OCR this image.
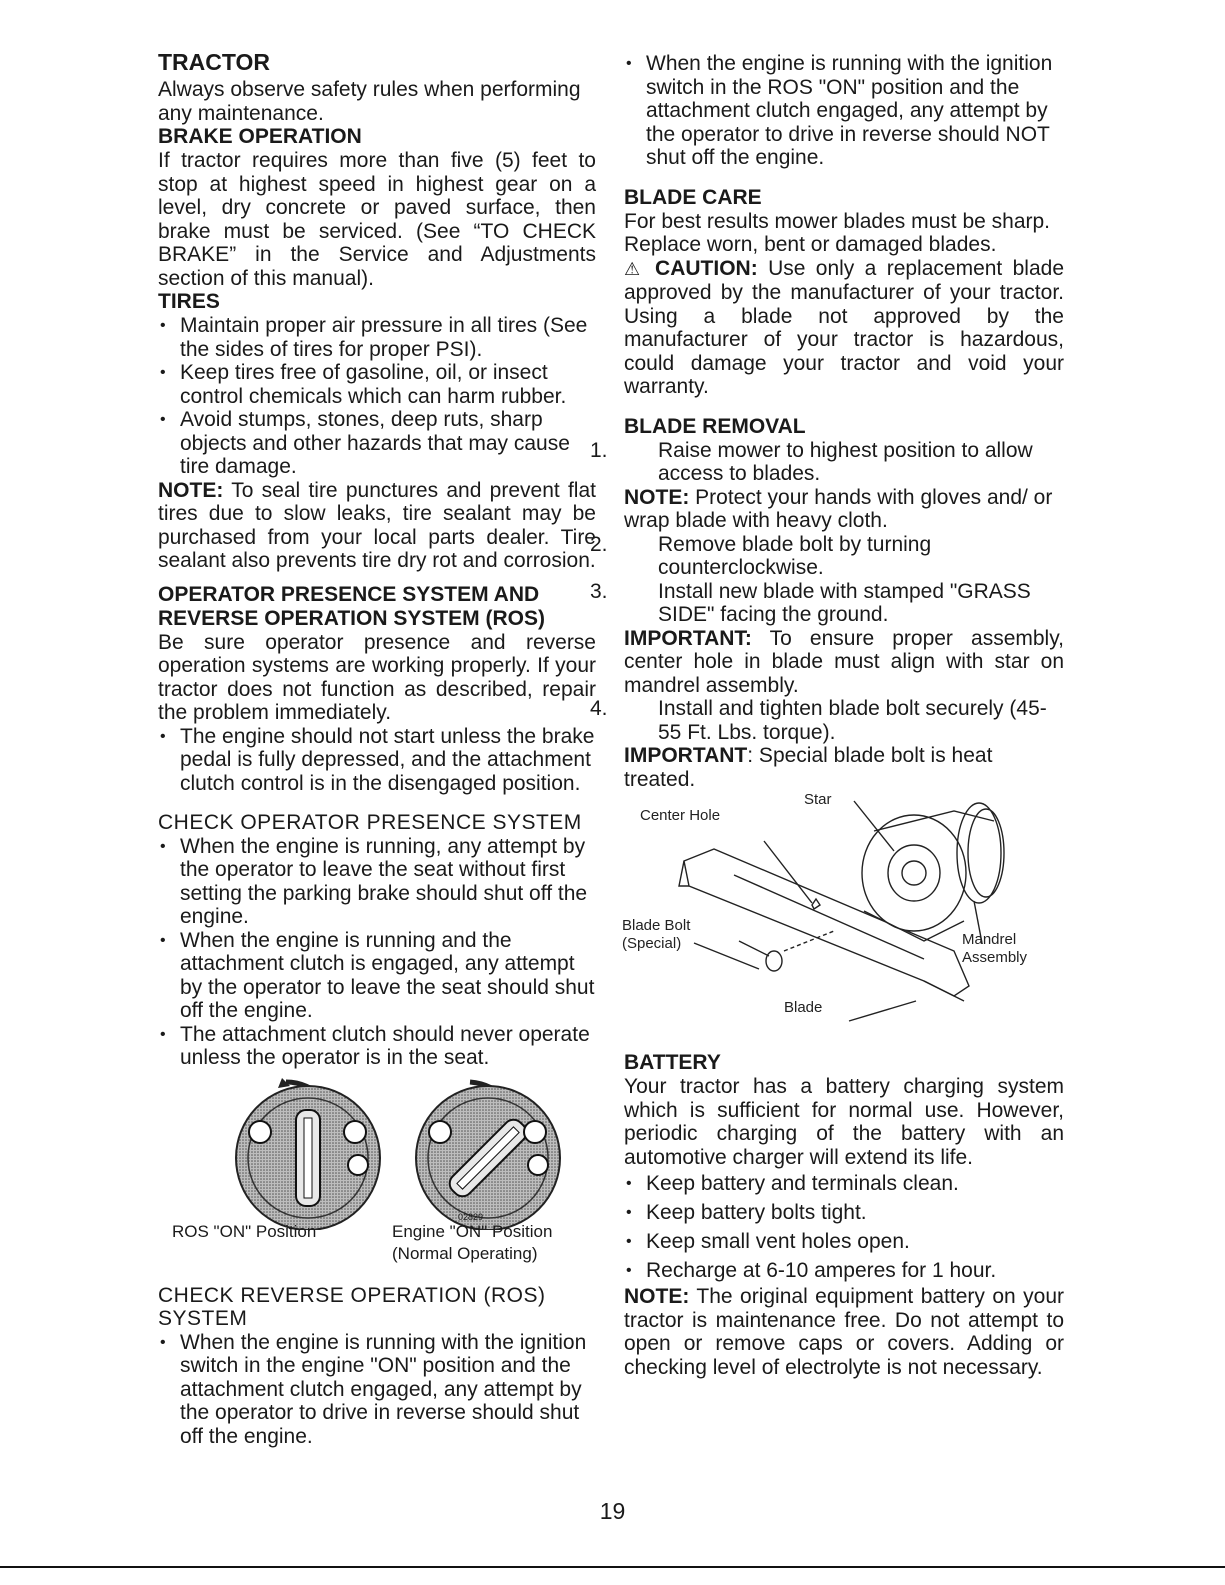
TRACTOR

Always observe safety rules when performing any maintenance.

BRAKE OPERATION

If tractor requires more than five (5) feet to stop at highest speed in highest gear on a level, dry concrete or paved surface, then brake must be serviced. (See “TO CHECK BRAKE” in the Service and Adjustments section of this manual).

TIRES
• Maintain proper air pressure in all tires (See the sides of tires for proper PSI).
• Keep tires free of gasoline, oil, or insect control chemicals which can harm rubber.
• Avoid stumps, stones, deep ruts, sharp objects and other hazards that may cause tire damage.

NOTE: To seal tire punctures and prevent flat tires due to slow leaks, tire sealant may be purchased from your local parts dealer. Tire sealant also prevents tire dry rot and corrosion.

OPERATOR PRESENCE SYSTEM AND REVERSE OPERATION SYSTEM (ROS)

Be sure operator presence and reverse operation systems are working properly. If your tractor does not function as described, repair the problem immediately.

• The engine should not start unless the brake pedal is fully depressed, and the attachment clutch control is in the disengaged position.

CHECK OPERATOR PRESENCE SYSTEM

• When the engine is running, any attempt by the operator to leave the seat without first setting the parking brake should shut off the engine.
• When the engine is running and the attachment clutch is engaged, any attempt by the operator to leave the seat should shut off the engine.
• The attachment clutch should never operate unless the operator is in the seat.
02829
ROS "ON" Position	Engine "ON" Position
(Normal Operating)

CHECK REVERSE OPERATION (ROS) SYSTEM

• When the engine is running with the ignition switch in the engine "ON" position and the attachment clutch engaged, any attempt by the operator to drive in reverse should shut off the engine.
• When the engine is running with the ignition switch in the ROS "ON" position and the attachment clutch engaged, any attempt by the operator to drive in reverse should NOT shut off the engine.
BLADE CARE

For best results mower blades must be sharp. Replace worn, bent or damaged blades.

⚠ CAUTION: Use only a replacement blade approved by the manufacturer of your tractor. Using a blade not approved by the manufacturer of your tractor is hazardous, could damage your tractor and void your warranty.

BLADE REMOVAL

1. Raise mower to highest position to allow access to blades.

NOTE: Protect your hands with gloves and/ or wrap blade with heavy cloth.

2. Remove blade bolt by turning counterclockwise.

3. Install new blade with stamped "GRASS SIDE" facing the ground.

IMPORTANT: To ensure proper assembly, center hole in blade must align with star on mandrel assembly.

4. Install and tighten blade bolt securely (45-55 Ft. Lbs. torque).

IMPORTANT: Special blade bolt is heat treated.

Star
Center Hole
Blade Bolt
(Special)	Mandrel
Assembly
Blade
BATTERY

Your tractor has a battery charging system which is sufficient for normal use. However, periodic charging of the battery with an automotive charger will extend its life.

• Keep battery and terminals clean.
• Keep battery bolts tight.
• Keep small vent holes open.
• Recharge at 6-10 amperes for 1 hour.

NOTE: The original equipment battery on your tractor is maintenance free. Do not attempt to open or remove caps or covers. Adding or checking level of electrolyte is not necessary.

19
